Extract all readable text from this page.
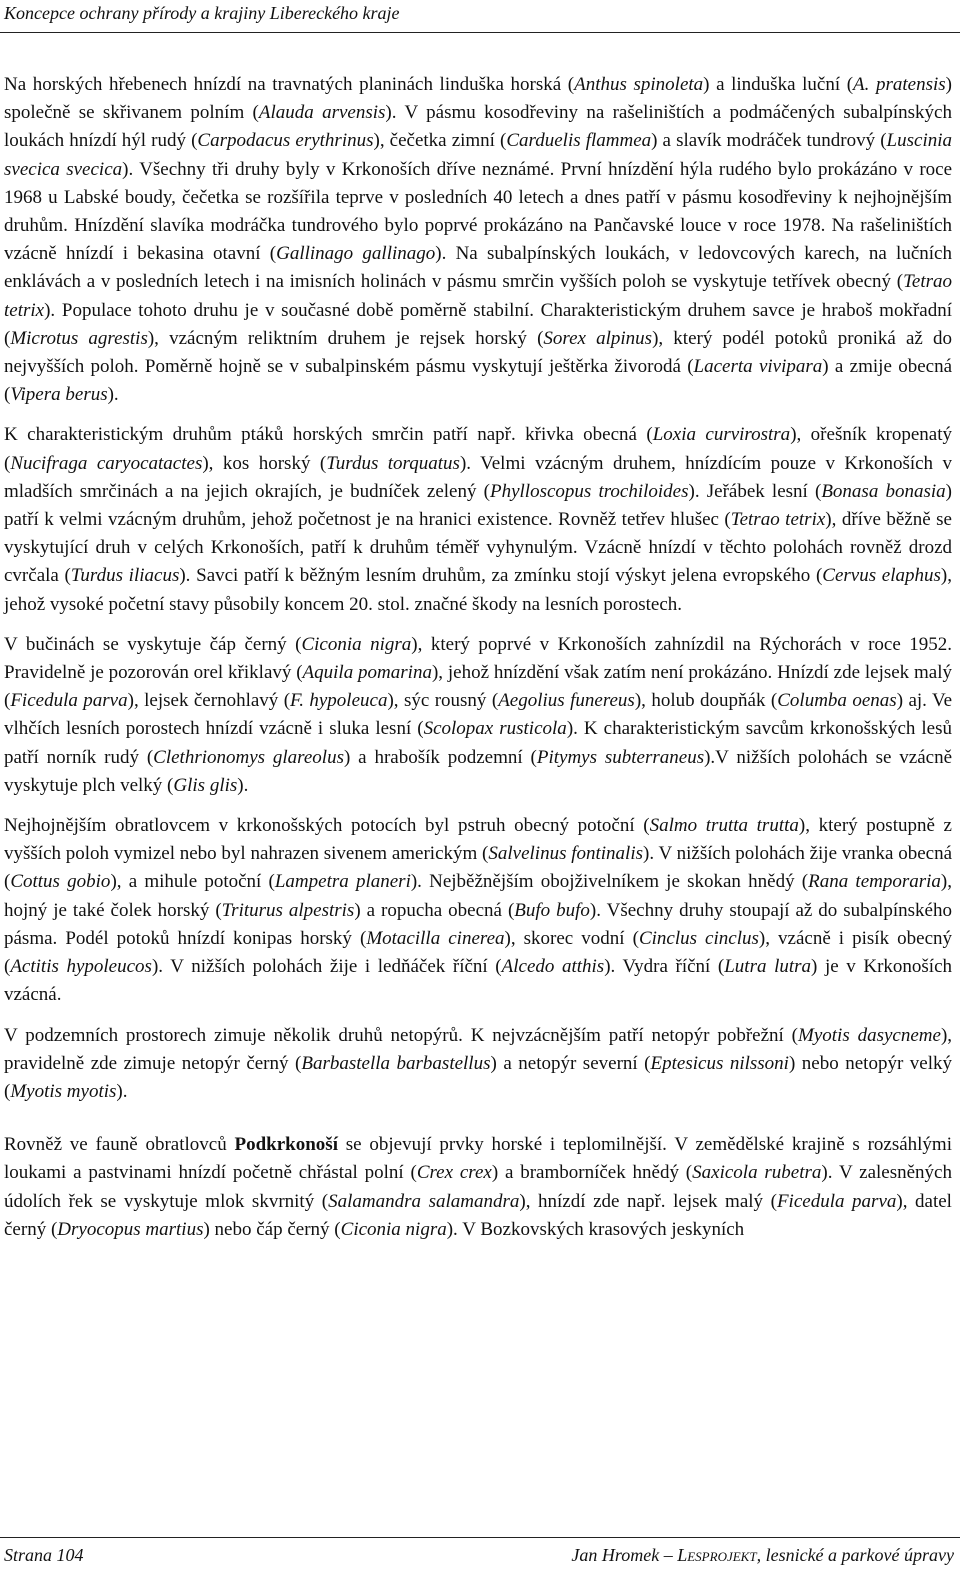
Koncepce ochrany přírody a krajiny Libereckého kraje

Na horských hřebenech hnízdí na travnatých planinách linduška horská (Anthus spinoleta) a linduška luční (A. pratensis) společně se skřivanem polním (Alauda arvensis). V pásmu kosodřeviny na rašeliništích a podmáčených subalpínských loukách hnízdí hýl rudý (Carpodacus erythrinus), čečetka zimní (Carduelis flammea) a slavík modráček tundrový (Luscinia svecica svecica). Všechny tři druhy byly v Krkonoších dříve neznámé. První hnízdění hýla rudého bylo prokázáno v roce 1968 u Labské boudy, čečetka se rozšířila teprve v posledních 40 letech a dnes patří v pásmu kosodřeviny k nejhojnějším druhům. Hnízdění slavíka modráčka tundrového bylo poprvé prokázáno na Pančavské louce v roce 1978. Na rašeliništích vzácně hnízdí i bekasina otavní (Gallinago gallinago). Na subalpínských loukách, v ledovcových karech, na lučních enklávách a v posledních letech i na imisních holinách v pásmu smrčin vyšších poloh se vyskytuje tetřívek obecný (Tetrao tetrix). Populace tohoto druhu je v současné době poměrně stabilní. Charakteristickým druhem savce je hraboš mokřadní (Microtus agrestis), vzácným reliktním druhem je rejsek horský (Sorex alpinus), který podél potoků proniká až do nejvyšších poloh. Poměrně hojně se v subalpinském pásmu vyskytují ještěrka živorodá (Lacerta vivipara) a zmije obecná (Vipera berus).

K charakteristickým druhům ptáků horských smrčin patří např. křivka obecná (Loxia curvirostra), ořešník kropenatý (Nucifraga caryocatactes), kos horský (Turdus torquatus). Velmi vzácným druhem, hnízdícím pouze v Krkonoších v mladších smrčinách a na jejich okrajích, je budníček zelený (Phylloscopus trochiloides). Jeřábek lesní (Bonasa bonasia) patří k velmi vzácným druhům, jehož početnost je na hranici existence. Rovněž tetřev hlušec (Tetrao tetrix), dříve běžně se vyskytující druh v celých Krkonoších, patří k druhům téměř vyhynulým. Vzácně hnízdí v těchto polohách rovněž drozd cvrčala (Turdus iliacus). Savci patří k běžným lesním druhům, za zmínku stojí výskyt jelena evropského (Cervus elaphus), jehož vysoké početní stavy působily koncem 20. stol. značné škody na lesních porostech.

V bučinách se vyskytuje čáp černý (Ciconia nigra), který poprvé v Krkonoších zahnízdil na Rýchorách v roce 1952. Pravidelně je pozorován orel křiklavý (Aquila pomarina), jehož hnízdění však zatím není prokázáno. Hnízdí zde lejsek malý (Ficedula parva), lejsek černohlavý (F. hypoleuca), sýc rousný (Aegolius funereus), holub doupňák (Columba oenas) aj. Ve vlhčích lesních porostech hnízdí vzácně i sluka lesní (Scolopax rusticola). K charakteristickým savcům krkonošských lesů patří norník rudý (Clethrionomys glareolus) a hrabošík podzemní (Pitymys subterraneus).V nižších polohách se vzácně vyskytuje plch velký (Glis glis).

Nejhojnějším obratlovcem v krkonošských potocích byl pstruh obecný potoční (Salmo trutta trutta), který postupně z vyšších poloh vymizel nebo byl nahrazen sivenem americkým (Salvelinus fontinalis). V nižších polohách žije vranka obecná (Cottus gobio), a mihule potoční (Lampetra planeri). Nejběžnějším obojživelníkem je skokan hnědý (Rana temporaria), hojný je také čolek horský (Triturus alpestris) a ropucha obecná (Bufo bufo). Všechny druhy stoupají až do subalpínského pásma. Podél potoků hnízdí konipas horský (Motacilla cinerea), skorec vodní (Cinclus cinclus), vzácně i pisík obecný (Actitis hypoleucos). V nižších polohách žije i ledňáček říční (Alcedo atthis). Vydra říční (Lutra lutra) je v Krkonoších vzácná.

V podzemních prostorech zimuje několik druhů netopýrů. K nejvzácnějším patří netopýr pobřežní (Myotis dasycneme), pravidelně zde zimuje netopýr černý (Barbastella barbastellus) a netopýr severní (Eptesicus nilssoni) nebo netopýr velký (Myotis myotis).

Rovněž ve fauně obratlovců Podkrkonoší se objevují prvky horské i teplomilnější. V zemědělské krajině s rozsáhlými loukami a pastvinami hnízdí početně chřástal polní (Crex crex) a bramborníček hnědý (Saxicola rubetra). V zalesněných údolích řek se vyskytuje mlok skvrnitý (Salamandra salamandra), hnízdí zde např. lejsek malý (Ficedula parva), datel černý (Dryocopus martius) nebo čáp černý (Ciconia nigra). V Bozkovských krasových jeskyních

Strana 104	Jan Hromek – Lesprojekt, lesnické a parkové úpravy
